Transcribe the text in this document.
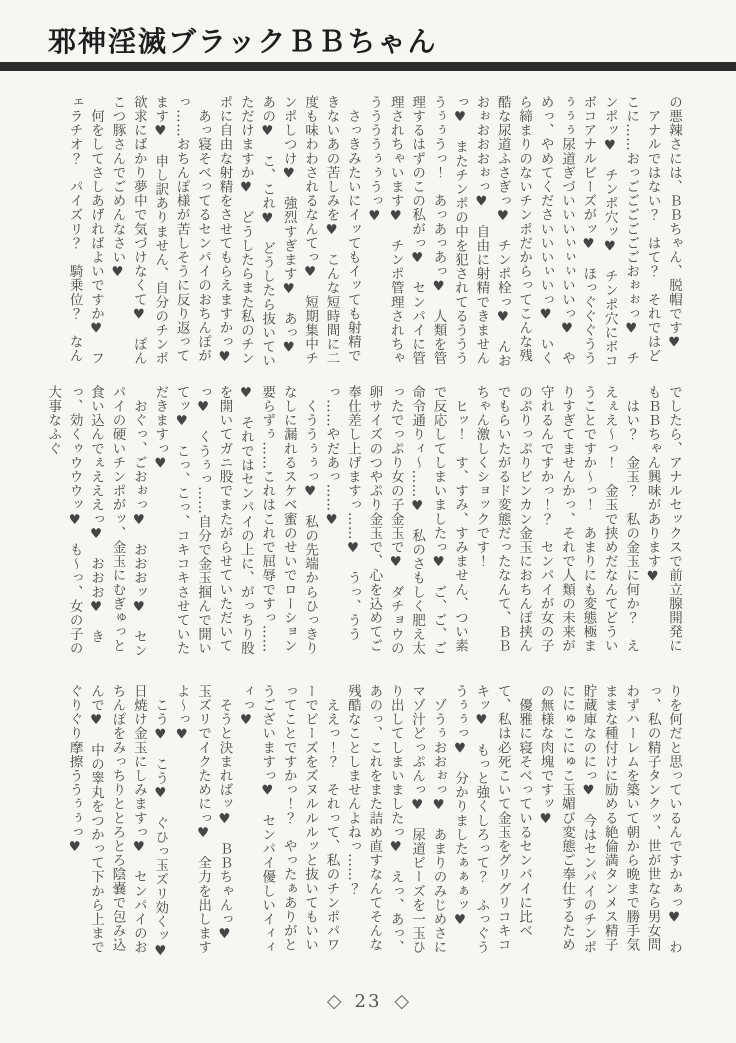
邪神淫滅ブラックＢＢちゃん

の悪辣さには、ＢＢちゃん、脱帽です♥

　アナルではない？　はて？　それではどこに……おっごごごごごごおぉぉっ♥　チンポッ♥　チンポ穴ッ♥　チンポ穴にボコボコアナルビーズがッ♥　ほっぐぐぐううぅぅぅ尿道ぎづいいいぃぃぃいいっ♥　やめっ、やめてくださいいいぃいっ♥　いくら締まりのないチンポだからってこんな残酷な尿道ふさぎっ♥　チンポ栓っ♥　んおおぉおおおぉっ♥　自由に射精できませんっ♥　またチンポの中を犯されてるううううぅぅうっ！　あっあっあっ♥　人類を管理するはずのこの私がっ♥　センパイに管理されちゃいます♥　チンポ管理されちゃううううぅぅうっ♥

　さっきみたいにイッてもイッても射精できないあの苦しみを♥　こんな短時間に二度も味わわされるなんてっ♥　短期集中チンポしつけ♥　強烈すぎます♥　あっ♥　あの♥　こ、これ♥　どうしたら抜いていただけますか♥　どうしたらまた私のチンポに自由な射精をさせてもらえますかっ♥

　あっ寝そべってるセンパイのおちんぽがっ……おちんぽ様が苦しそうに反り返ってます♥　申し訳ありません、自分のチンポ欲求にばかり夢中で気づけなくて♥　ぽんこつ豚さんでごめんなさい♥

　何をしてさしあげればよいですか♥　フェラチオ？　パイズリ？　騎乗位？　なん

でしたら、アナルセックスで前立腺開発にもＢＢちゃん興味があります♥

　はい？　金玉？　私の金玉に何か？　ええぇえ〜っ！　金玉で挟めだなんてどういうことですか〜っ！　あまりにも変態極まりすぎてませんかっ、それで人類の未来が守れるんですかっ！？　センパイが女の子のぷりっぷりビンカン金玉におちんぽ挟んでもらいたがるド変態だったなんて、ＢＢちゃん激しくショックです！

　ヒッ！　す、すみ、すみません、つい素で反応してしまいましたっ♥　ご、ご、ご命令通りィ〜……♥　私のさもしく肥え太ったでっぷり女の子金玉で♥　ダチョウの卵サイズのつやぷり金玉で、心を込めてご奉仕差し上げますっ……♥　うっ、ううっ……やだあっ……♥

　くううぅぅっ♥　私の先端からひっきりなしに漏れるスケベ蜜のせいでローション要らずぅ……これはこれで屈辱ですっ……♥　それではセンパイの上に、がっちり股を開いてガニ股でまたがらせていただいてっ♥　くうぅっ……自分で金玉掴んで開いてッ♥　こっ、こっ、コキコキさせていただきますっ♥

　おぐっ、ごおぉっ♥　おおおッ♥　センパイの硬いチンポがッ、金玉にむぎゅっと食い込んでぇえええっ♥　おおお♥　きっ、効くゥウウウッ♥　も〜っ、女の子の大事なふぐ

りを何だと思っているんですかぁっ♥　わっ、私の精子タンクッ、世が世なら男女問わずハーレムを築いて朝から晩まで勝手気ままな種付けに励める絶倫満タンメス精子貯蔵庫なのにっ♥　今はセンパイのチンポににゅこにゅこ玉媚び変態ご奉仕するための無様な肉塊ですッ♥

　優雅に寝そべっているセンパイに比べて、私は必死こいて金玉をグリグリコキコキッ♥　もっと強くしろって？　ふっぐううぅぅっ♥　分かりましたぁぁぁッ♥

　ゾうぅおおぉっ♥　あまりのみじめさにマゾ汁どっぷんっ♥　尿道ビーズを一玉ひり出してしまいましたっ♥　えっ、あっ、あのっ、これをまた詰め直すなんてそんな残酷なことしませんよねっ……？

　ええっ！？　それって、私のチンポパワーでビーズをズヌルルルッと抜いてもいいってことですかっ！？　やったぁありがとうございますっ♥　センパイ優しいイィィィっ♥

　そうと決まればッ♥　ＢＢちゃんっ♥　玉ズリでイクためにっ♥　全力を出しますよ〜っ♥

　こう♥　こう♥　ぐひっ玉ズリ効くッ♥　日焼け金玉にしみますっ♥　センパイのおちんぽをみっちりととろとろ陰嚢で包み込んで♥　中の睾丸をつかって下から上までぐりぐり摩擦ううぅぅっ♥

◇ 23 ◇
